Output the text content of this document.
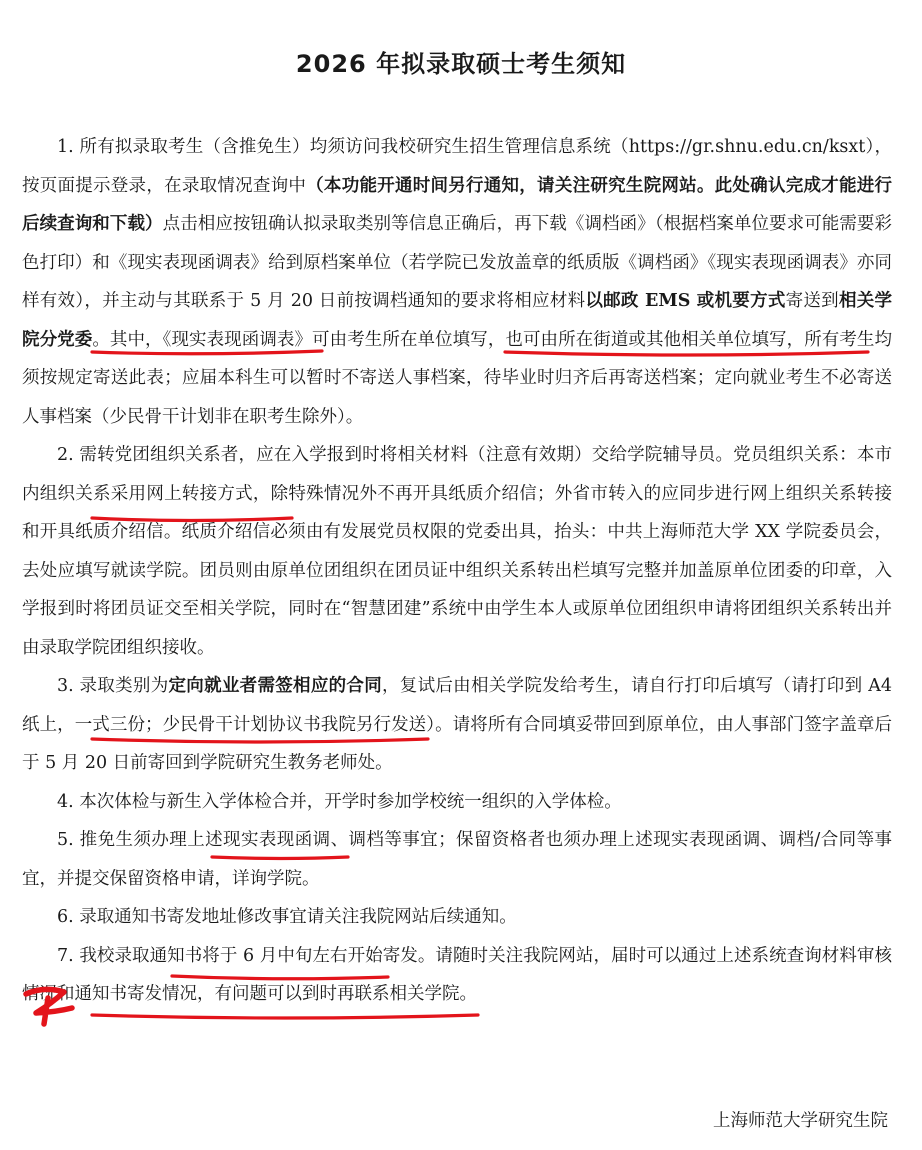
2026 年拟录取硕士考生须知

1. 所有拟录取考生（含推免生）均须访问我校研究生招生管理信息系统（https://gr.shnu.edu.cn/ksxt），按页面提示登录，在录取情况查询中（本功能开通时间另行通知，请关注研究生院网站。此处确认完成才能进行后续查询和下载）点击相应按钮确认拟录取类别等信息正确后，再下载《调档函》（根据档案单位要求可能需要彩色打印）和《现实表现函调表》给到原档案单位（若学院已发放盖章的纸质版《调档函》《现实表现函调表》亦同样有效），并主动与其联系于 5 月 20 日前按调档通知的要求将相应材料以邮政 EMS 或机要方式寄送到相关学院分党委。其中，《现实表现函调表》可由考生所在单位填写，也可由所在街道或其他相关单位填写，所有考生均须按规定寄送此表；应届本科生可以暂时不寄送人事档案，待毕业时归齐后再寄送档案；定向就业考生不必寄送人事档案（少民骨干计划非在职考生除外）。

2. 需转党团组织关系者，应在入学报到时将相关材料（注意有效期）交给学院辅导员。党员组织关系：本市内组织关系采用网上转接方式，除特殊情况外不再开具纸质介绍信；外省市转入的应同步进行网上组织关系转接和开具纸质介绍信。纸质介绍信必须由有发展党员权限的党委出具，抬头：中共上海师范大学 XX 学院委员会，去处应填写就读学院。团员则由原单位团组织在团员证中组织关系转出栏填写完整并加盖原单位团委的印章，入学报到时将团员证交至相关学院，同时在“智慧团建”系统中由学生本人或原单位团组织申请将团组织关系转出并由录取学院团组织接收。

3. 录取类别为定向就业者需签相应的合同，复试后由相关学院发给考生，请自行打印后填写（请打印到 A4 纸上，一式三份；少民骨干计划协议书我院另行发送）。请将所有合同填妥带回到原单位，由人事部门签字盖章后于 5 月 20 日前寄回到学院研究生教务老师处。

4. 本次体检与新生入学体检合并，开学时参加学校统一组织的入学体检。

5. 推免生须办理上述现实表现函调、调档等事宜；保留资格者也须办理上述现实表现函调、调档/合同等事宜，并提交保留资格申请，详询学院。

6. 录取通知书寄发地址修改事宜请关注我院网站后续通知。

7. 我校录取通知书将于 6 月中旬左右开始寄发。请随时关注我院网站，届时可以通过上述系统查询材料审核情况和通知书寄发情况，有问题可以到时再联系相关学院。

上海师范大学研究生院
